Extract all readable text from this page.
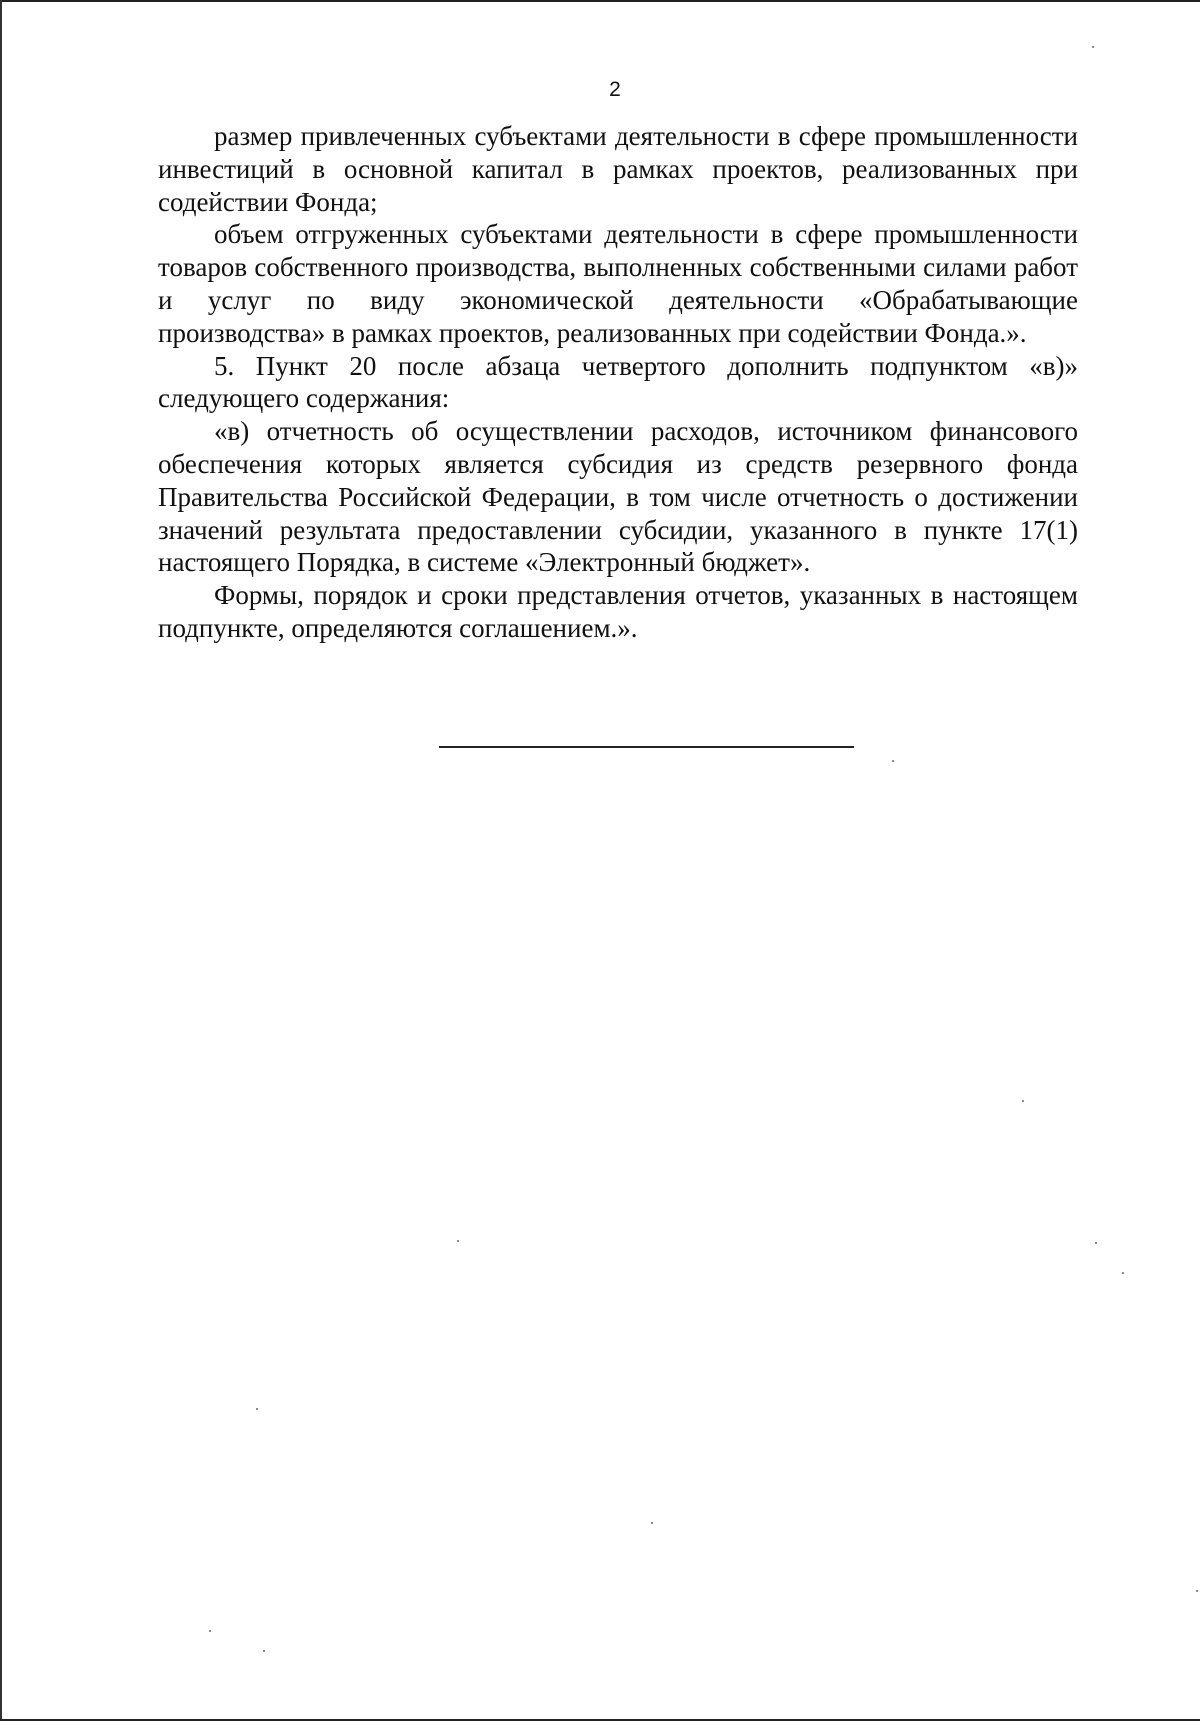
2

размер привлеченных субъектами деятельности в сфере промышленности инвестиций в основной капитал в рамках проектов, реализованных при содействии Фонда;

объем отгруженных субъектами деятельности в сфере промышленности товаров собственного производства, выполненных собственными силами работ и услуг по виду экономической деятельности «Обрабатывающие производства» в рамках проектов, реализованных при содействии Фонда.».

5. Пункт 20 после абзаца четвертого дополнить подпунктом «в)» следующего содержания:

«в) отчетность об осуществлении расходов, источником финансового обеспечения которых является субсидия из средств резервного фонда Правительства Российской Федерации, в том числе отчетность о достижении значений результата предоставлении субсидии, указанного в пункте 17(1) настоящего Порядка, в системе «Электронный бюджет».

Формы, порядок и сроки представления отчетов, указанных в настоящем подпункте, определяются соглашением.».
